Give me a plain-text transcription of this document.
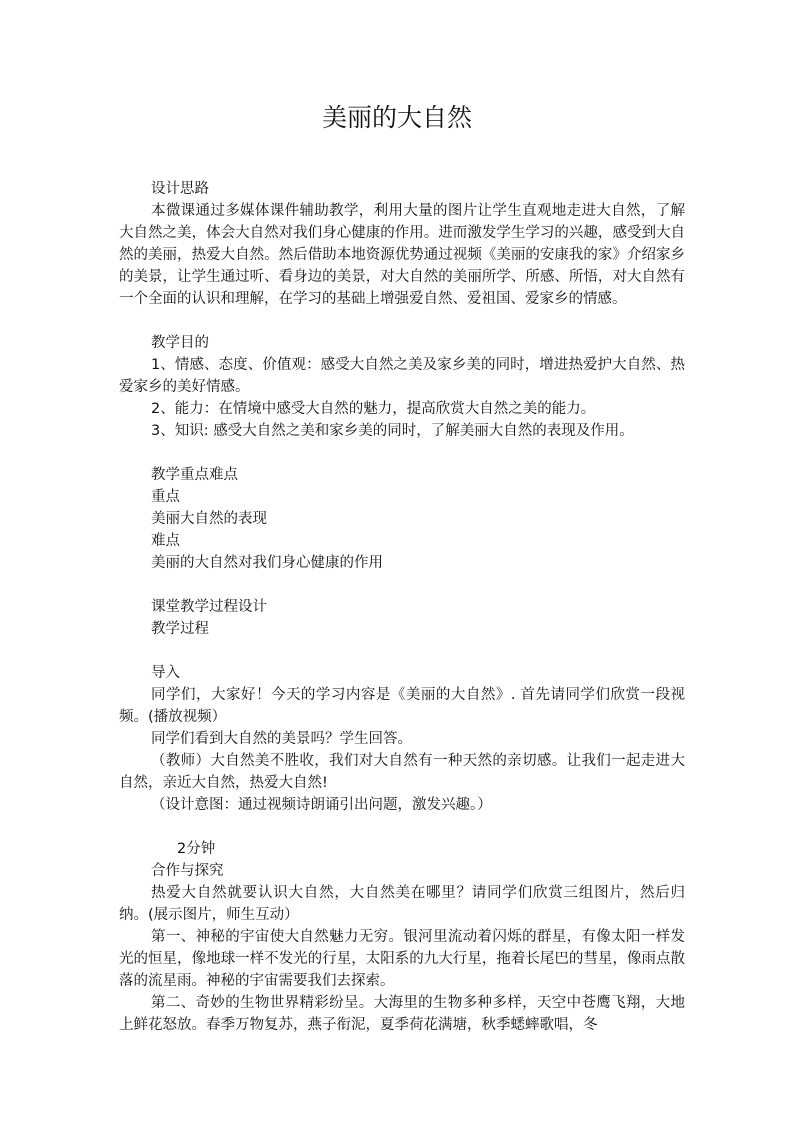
美丽的大自然

设计思路

本微课通过多媒体课件辅助教学，利用大量的图片让学生直观地走进大自然，了解大自然之美，体会大自然对我们身心健康的作用。进而激发学生学习的兴趣，感受到大自然的美丽，热爱大自然。然后借助本地资源优势通过视频《美丽的安康我的家》介绍家乡的美景，让学生通过听、看身边的美景，对大自然的美丽所学、所感、所悟，对大自然有一个全面的认识和理解，在学习的基础上增强爱自然、爱祖国、爱家乡的情感。

教学目的

1、情感、态度、价值观：感受大自然之美及家乡美的同时，增进热爱护大自然、热爱家乡的美好情感。

2、能力：在情境中感受大自然的魅力，提高欣赏大自然之美的能力。

3、知识: 感受大自然之美和家乡美的同时，了解美丽大自然的表现及作用。

教学重点难点

重点

美丽大自然的表现

难点

美丽的大自然对我们身心健康的作用

课堂教学过程设计

教学过程

导入

同学们，大家好！今天的学习内容是《美丽的大自然》. 首先请同学们欣赏一段视频。(播放视频）

同学们看到大自然的美景吗？学生回答。

（教师）大自然美不胜收，我们对大自然有一种天然的亲切感。让我们一起走进大自然，亲近大自然，热爱大自然!

（设计意图：通过视频诗朗诵引出问题，激发兴趣。）

2分钟

合作与探究

热爱大自然就要认识大自然，大自然美在哪里？请同学们欣赏三组图片，然后归纳。(展示图片，师生互动）

第一、神秘的宇宙使大自然魅力无穷。银河里流动着闪烁的群星，有像太阳一样发光的恒星，像地球一样不发光的行星，太阳系的九大行星，拖着长尾巴的彗星，像雨点散落的流星雨。神秘的宇宙需要我们去探索。

第二、奇妙的生物世界精彩纷呈。大海里的生物多种多样，天空中苍鹰飞翔，大地上鲜花怒放。春季万物复苏，燕子衔泥，夏季荷花满塘，秋季蟋蟀歌唱，冬
